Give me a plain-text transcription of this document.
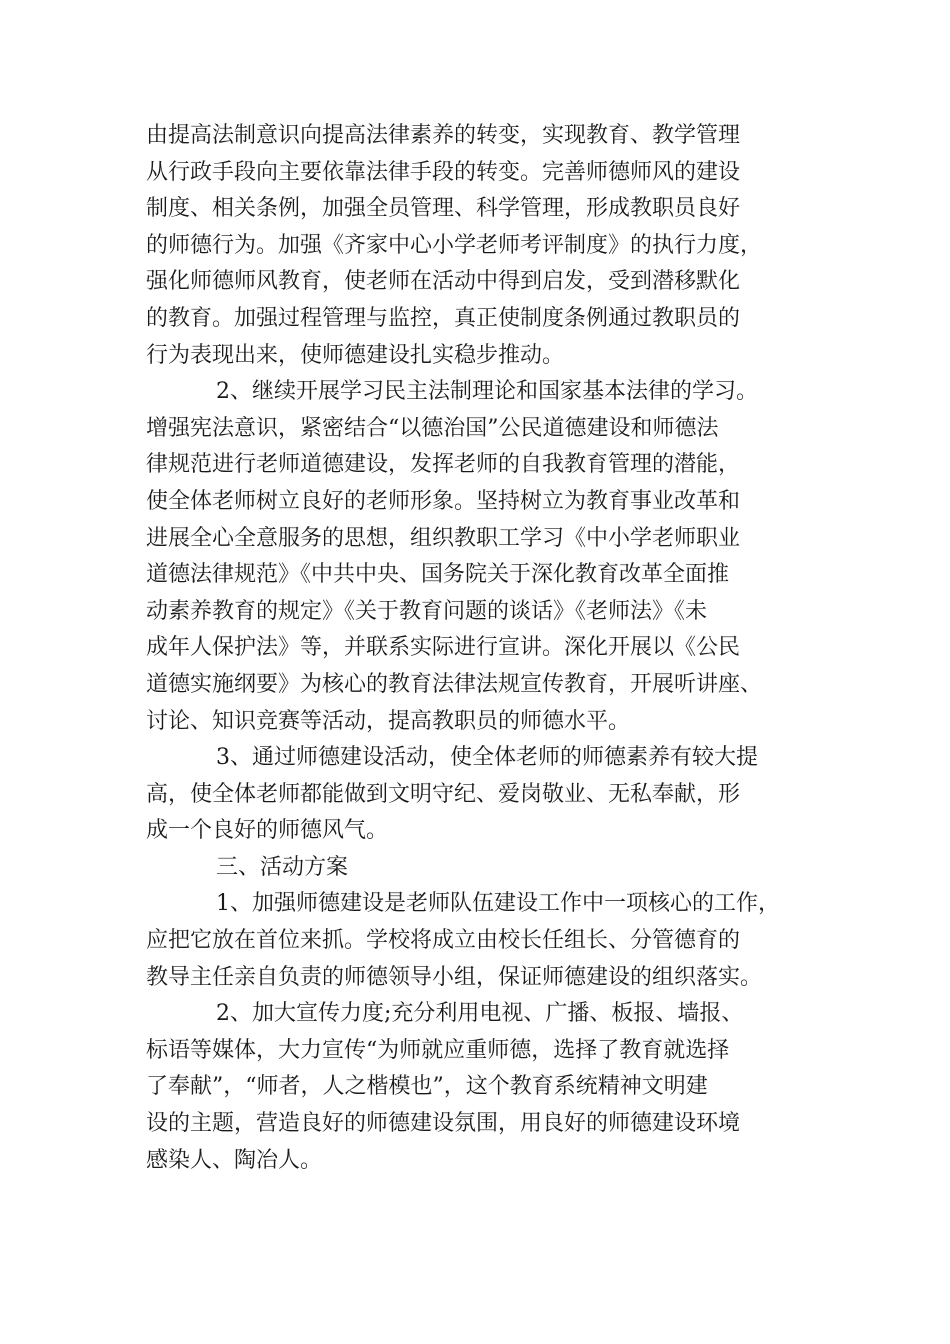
由提高法制意识向提高法律素养的转变，实现教育、教学管理
从行政手段向主要依靠法律手段的转变。完善师德师风的建设
制度、相关条例，加强全员管理、科学管理，形成教职员良好
的师德行为。加强《齐家中心小学老师考评制度》的执行力度，
强化师德师风教育，使老师在活动中得到启发，受到潜移默化
的教育。加强过程管理与监控，真正使制度条例通过教职员的
行为表现出来，使师德建设扎实稳步推动。
2、继续开展学习民主法制理论和国家基本法律的学习。
增强宪法意识，紧密结合“以德治国”公民道德建设和师德法
律规范进行老师道德建设，发挥老师的自我教育管理的潜能，
使全体老师树立良好的老师形象。坚持树立为教育事业改革和
进展全心全意服务的思想，组织教职工学习《中小学老师职业
道德法律规范》《中共中央、国务院关于深化教育改革全面推
动素养教育的规定》《关于教育问题的谈话》《老师法》《未
成年人保护法》等，并联系实际进行宣讲。深化开展以《公民
道德实施纲要》为核心的教育法律法规宣传教育，开展听讲座、
讨论、知识竞赛等活动，提高教职员的师德水平。
3、通过师德建设活动，使全体老师的师德素养有较大提
高，使全体老师都能做到文明守纪、爱岗敬业、无私奉献，形
成一个良好的师德风气。
三、活动方案
1、加强师德建设是老师队伍建设工作中一项核心的工作，
应把它放在首位来抓。学校将成立由校长任组长、分管德育的
教导主任亲自负责的师德领导小组，保证师德建设的组织落实。
2、加大宣传力度;充分利用电视、广播、板报、墙报、
标语等媒体，大力宣传“为师就应重师德，选择了教育就选择
了奉献”，“师者，人之楷模也”，这个教育系统精神文明建
设的主题，营造良好的师德建设氛围，用良好的师德建设环境
感染人、陶冶人。
